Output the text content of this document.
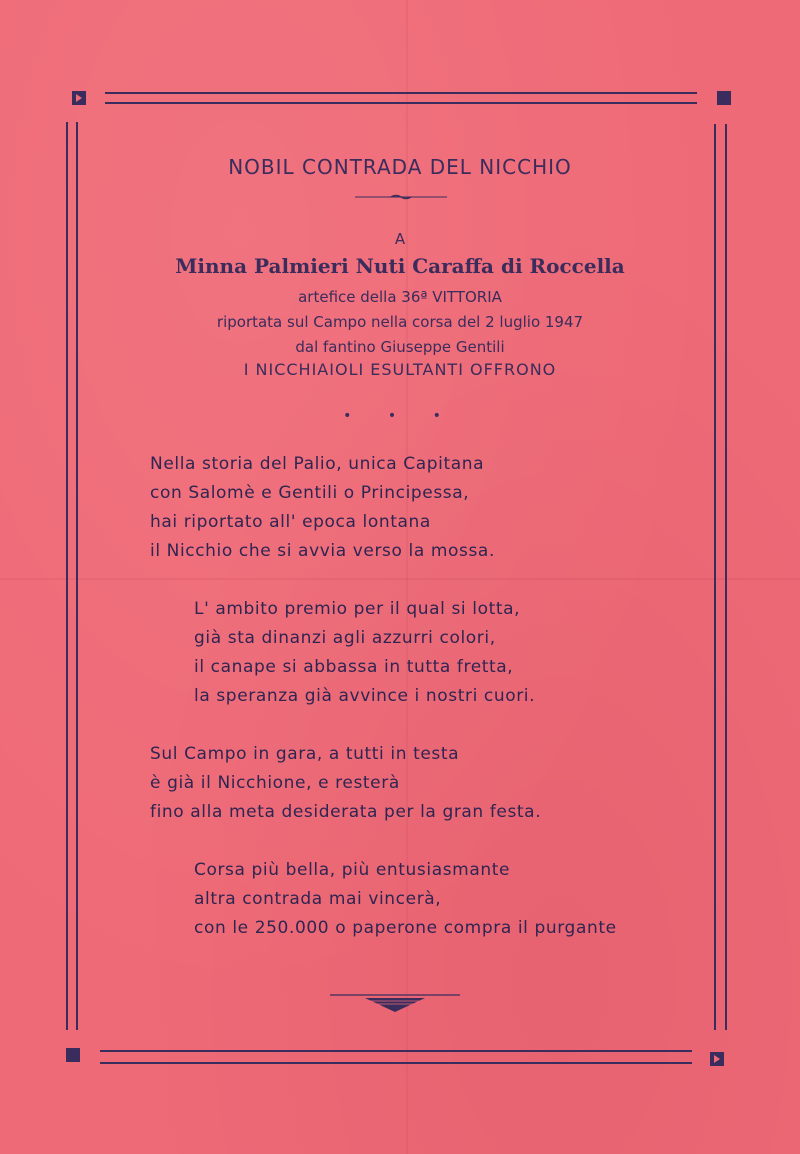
NOBIL CONTRADA DEL NICCHIO
A
Minna Palmieri Nuti Caraffa di Roccella
artefice della 36ª VITTORIA
riportata sul Campo nella corsa del 2 luglio 1947
dal fantino Giuseppe Gentili
I NICCHIAIOLI ESULTANTI OFFRONO
• • •
Nella storia del Palio, unica Capitana
con Salomè e Gentili o Principessa,
hai riportato all' epoca lontana
il Nicchio che si avvia verso la mossa.
L' ambito premio per il qual si lotta,
già sta dinanzi agli azzurri colori,
il canape si abbassa in tutta fretta,
la speranza già avvince i nostri cuori.
Sul Campo in gara, a tutti in testa
è già il Nicchione, e resterà
fino alla meta desiderata per la gran festa.
Corsa più bella, più entusiasmante
altra contrada mai vincerà,
con le 250.000 o paperone compra il purgante
